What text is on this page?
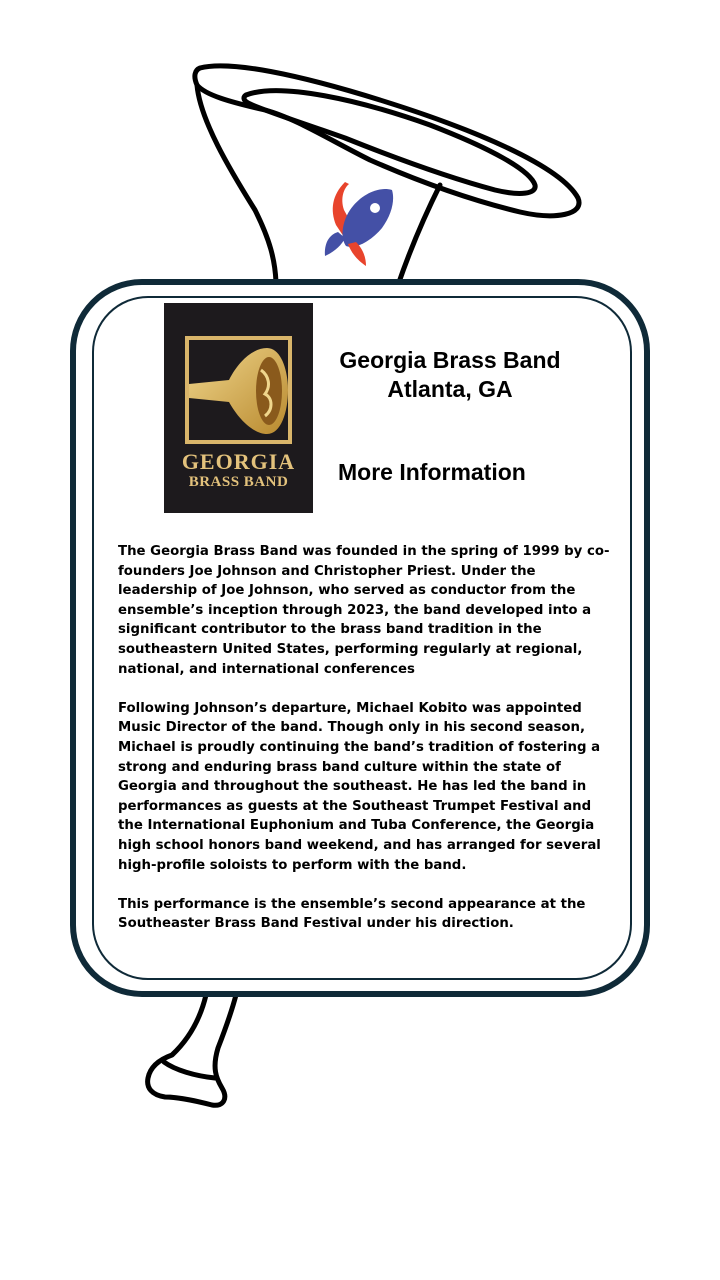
GEORGIA
BRASS BAND
Georgia Brass Band
Atlanta, GA
More Information

The Georgia Brass Band was founded in the spring of 1999 by co-founders Joe Johnson and Christopher Priest. Under the leadership of Joe Johnson, who served as conductor from the ensemble’s inception through 2023, the band developed into a significant contributor to the brass band tradition in the southeastern United States, performing regularly at regional, national, and international conferences

Following Johnson’s departure, Michael Kobito was appointed Music Director of the band. Though only in his second season, Michael is proudly continuing the band’s tradition of fostering a strong and enduring brass band culture within the state of Georgia and throughout the southeast. He has led the band in performances as guests at the Southeast Trumpet Festival and the International Euphonium and Tuba Conference, the Georgia high school honors band weekend, and has arranged for several high-profile soloists to perform with the band.

This performance is the ensemble’s second appearance at the Southeaster Brass Band Festival under his direction.
